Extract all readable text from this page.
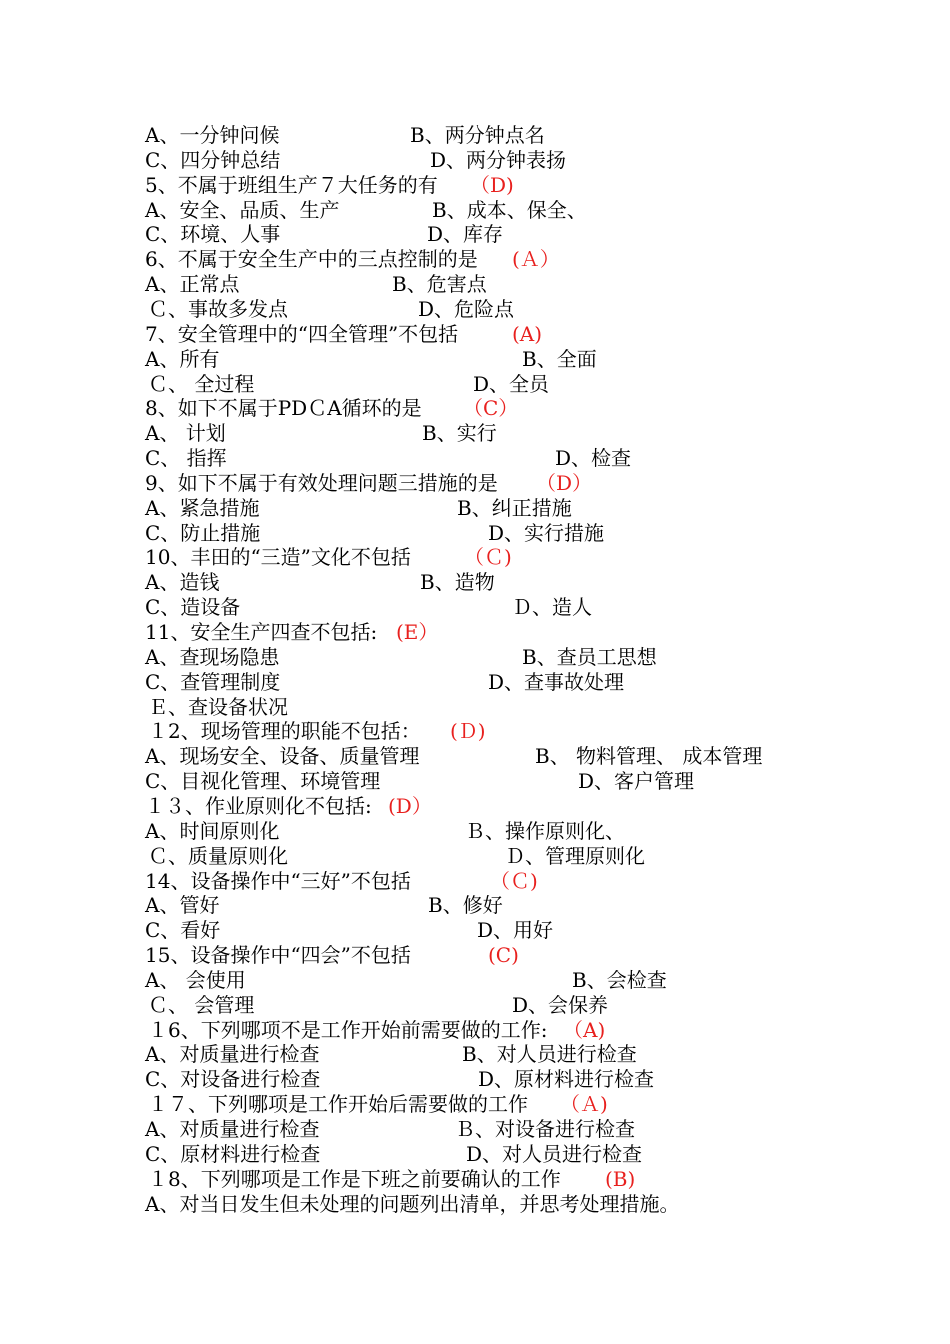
A、一分钟问候	B、两分钟点名
C、四分钟总结	D、两分钟表扬
5、不属于班组生产７大任务的有 （D)
A、安全、品质、生产	B、成本、保全、
C、环境、人事	D、库存
6、不属于安全生产中的三点控制的是 (Ａ）
A、正常点	B、危害点
Ｃ、事故多发点	D、危险点
7、安全管理中的“四全管理”不包括	(A)
A、所有	B、全面
Ｃ、 全过程	D、全员
8、如下不属于PDＣA循环的是 （C）
A、 计划	B、实行
C、 指挥	D、检查
9、如下不属于有效处理问题三措施的是 （D）
A、紧急措施	B、纠正措施
C、防止措施	D、实行措施
10、丰田的“三造”文化不包括	（Ｃ)
A、造钱	B、造物
C、造设备	Ｄ、造人
11、安全生产四查不包括: (E）
A、查现场隐患	B、查员工思想
C、查管理制度	D、查事故处理
Ｅ、查设备状况
１2、现场管理的职能不包括： (Ｄ)
A、现场安全、设备、质量管理	B、 物料管理、 成本管理
C、目视化管理、环境管理	D、客户管理
１３、作业原则化不包括: (D）
A、时间原则化	Ｂ、操作原则化、
Ｃ、质量原则化	Ｄ、管理原则化
14、设备操作中“三好”不包括	（Ｃ)
A、管好	B、修好
C、看好	D、用好
15、设备操作中“四会”不包括	(C)
A、 会使用	B、会检查
Ｃ、 会管理	D、会保养
１6、下列哪项不是工作开始前需要做的工作: （A)
A、对质量进行检查	B、对人员进行检查
C、对设备进行检查	D、原材料进行检查
１７、下列哪项是工作开始后需要做的工作 （Ａ)
A、对质量进行检查	Ｂ、对设备进行检查
C、原材料进行检查	D、对人员进行检查
１8、下列哪项是工作是下班之前要确认的工作 (B)
A、对当日发生但未处理的问题列出清单，并思考处理措施。
